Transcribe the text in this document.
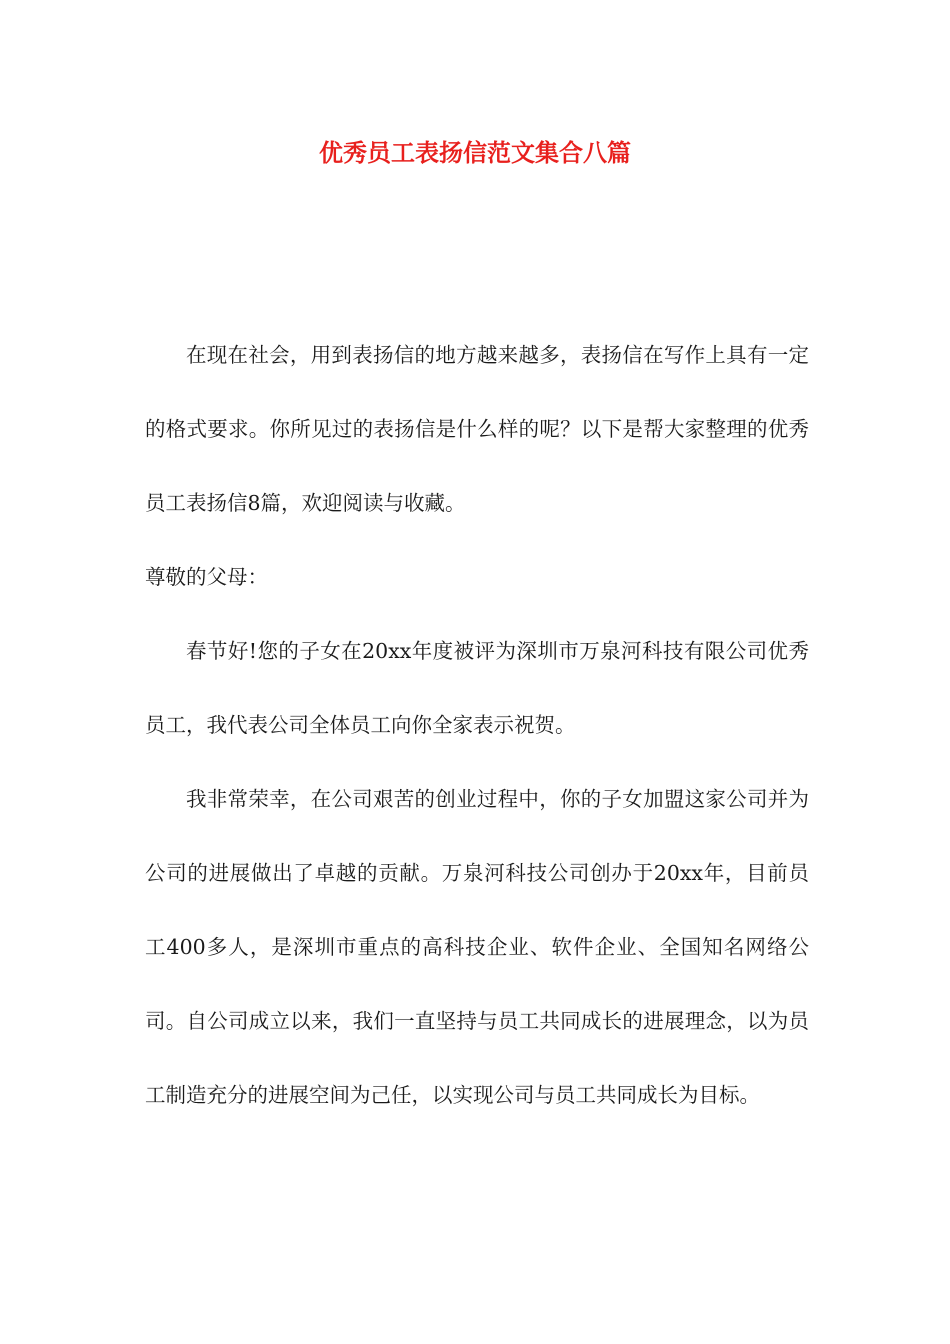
优秀员工表扬信范文集合八篇

在现在社会，用到表扬信的地方越来越多，表扬信在写作上具有一定的格式要求。你所见过的表扬信是什么样的呢？以下是帮大家整理的优秀员工表扬信8篇，欢迎阅读与收藏。

尊敬的父母：

春节好!您的子女在20xx年度被评为深圳市万泉河科技有限公司优秀员工，我代表公司全体员工向你全家表示祝贺。

我非常荣幸，在公司艰苦的创业过程中，你的子女加盟这家公司并为公司的进展做出了卓越的贡献。万泉河科技公司创办于20xx年，目前员工400多人，是深圳市重点的高科技企业、软件企业、全国知名网络公司。自公司成立以来，我们一直坚持与员工共同成长的进展理念，以为员工制造充分的进展空间为己任，以实现公司与员工共同成长为目标。
